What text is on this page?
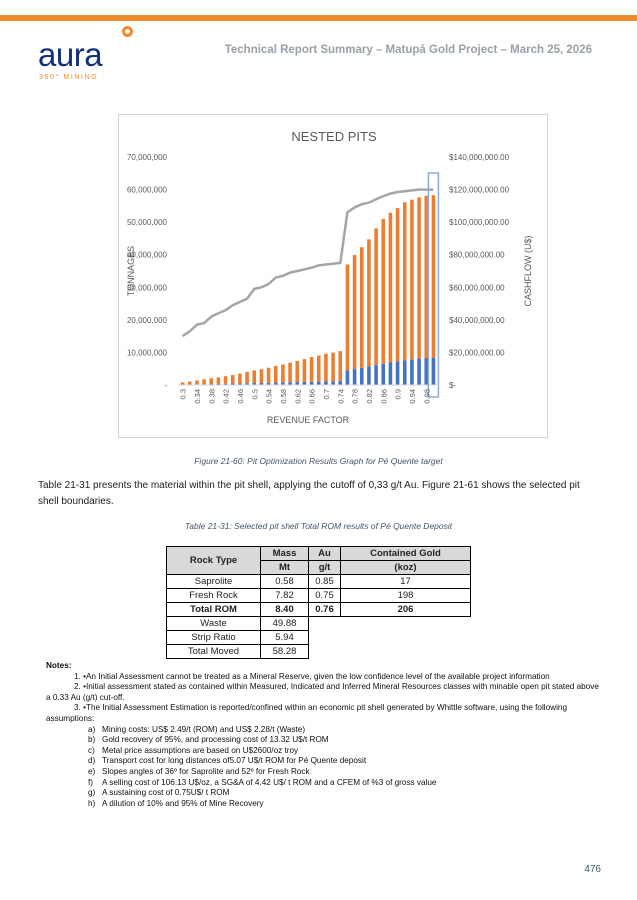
aura
360° MINING
Technical Report Summary – Matupá Gold Project – March 25, 2026
NESTED PITS
-
10,000,000
20,000,000
30,000,000
40,000,000
50,000,000
60,000,000
70,000,000
$-
$20,000,000.00
$40,000,000.00
$60,000,000.00
$80,000,000.00
$100,000,000.00
$120,000,000.00
$140,000,000.00
TONNAGES	CASHFLOW (U$)
REVENUE FACTOR
0.3 0.34 0.38 0.42 0.46 0.5 0.54 0.58 0.62 0.66 0.7 0.74 0.78 0.82 0.86 0.9 0.94 0.98
Figure 21-60: Pit Optimization Results Graph for Pé Quente target
Table 21-31 presents the material within the pit shell, applying the cutoff of 0,33 g/t Au. Figure 21-61 shows the selected pit shell boundaries.
Table 21-31: Selected pit shell Total ROM results of Pé Quente Deposit
Rock Type	Mass	Au	Contained Gold
	Mt	g/t	(koz)
Saprolite	0.58	0.85	17
Fresh Rock	7.82	0.75	198
Total ROM	8.40	0.76	206
Waste	49.88		
Strip Ratio	5.94		
Total Moved	58.28		
Notes:
1. •An Initial Assessment cannot be treated as a Mineral Reserve, given the low confidence level of the available project information
2. •Initial assessment stated as contained within Measured, Indicated and Inferred Mineral Resources classes with minable open pit stated above a 0.33 Au (g/t) cut-off.
3. •The Initial Assessment Estimation is reported/confined within an economic pit shell generated by Whittle software, using the following assumptions:
a) Mining costs: US$ 2.49/t (ROM) and US$ 2.28/t (Waste)
b) Gold recovery of 95%, and processing cost of 13.32 U$/t ROM
c) Metal price assumptions are based on U$2600/oz troy
d) Transport cost for long distances of5.07 U$/t ROM for Pé Quente deposit
e) Slopes angles of 36º for Saprolite and 52º for Fresh Rock
f) A selling cost of 106.13 U$/oz, a SG&A of 4.42 U$/ t ROM and a CFEM of %3 of gross value
g) A sustaining cost of 0.75U$/ t ROM
h) A dilution of 10% and 95% of Mine Recovery
476
